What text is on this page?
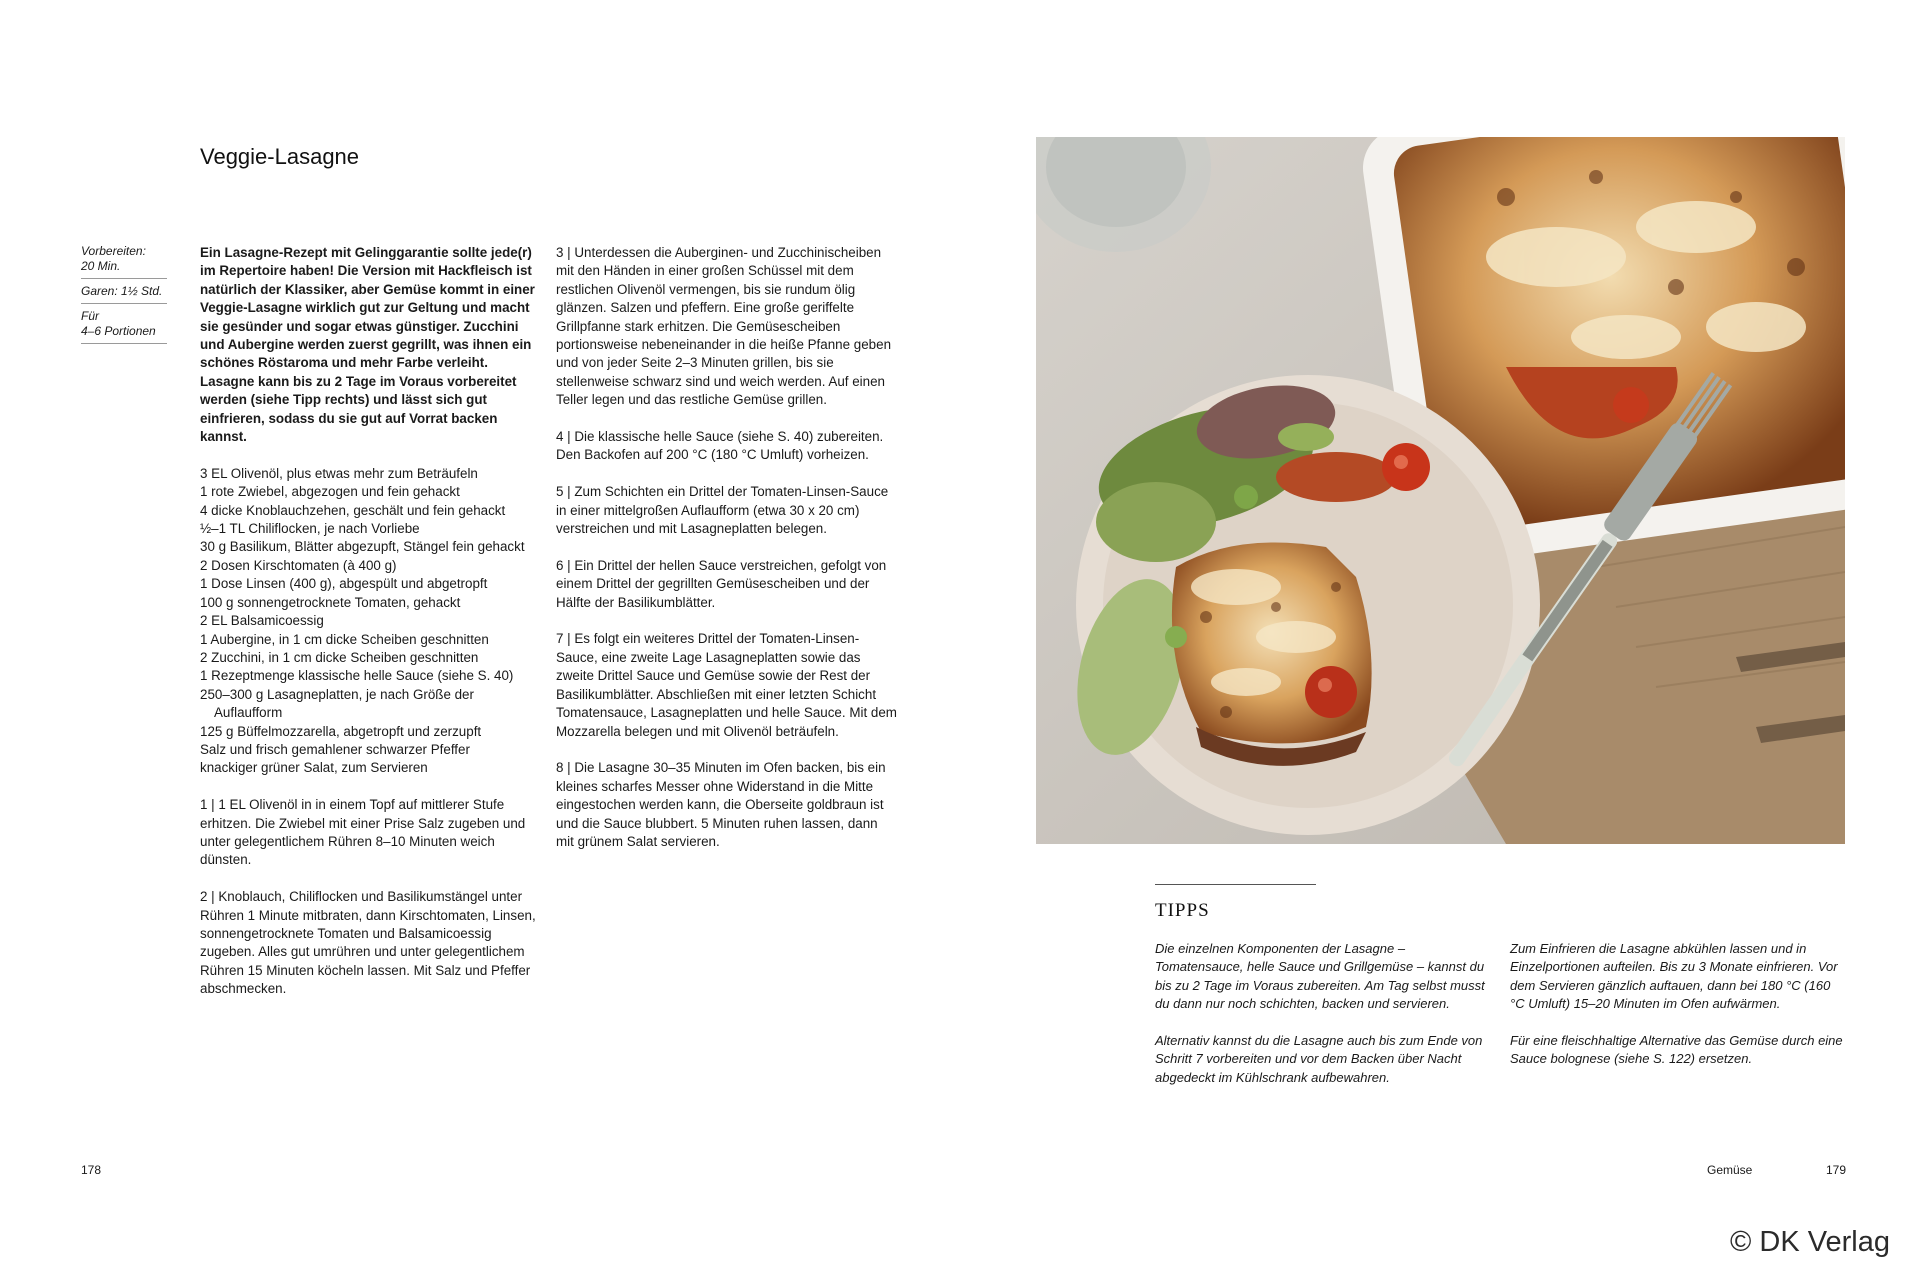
Veggie-Lasagne
Vorbereiten:
20 Min.
Garen: 1½ Std.
Für
4–6 Portionen

Ein Lasagne-Rezept mit Gelinggarantie sollte jede(r) im Repertoire haben! Die Version mit Hackfleisch ist natürlich der Klassiker, aber Gemüse kommt in einer Veggie-Lasagne wirklich gut zur Geltung und macht sie gesünder und sogar etwas günstiger. Zucchini und Aubergine werden zuerst gegrillt, was ihnen ein schönes Röstaroma und mehr Farbe verleiht. Lasagne kann bis zu 2 Tage im Voraus vorbereitet werden (siehe Tipp rechts) und lässt sich gut einfrieren, sodass du sie gut auf Vorrat backen kannst.

3 EL Olivenöl, plus etwas mehr zum Beträufeln
1 rote Zwiebel, abgezogen und fein gehackt
4 dicke Knoblauchzehen, geschält und fein gehackt
½–1 TL Chiliflocken, je nach Vorliebe
30 g Basilikum, Blätter abgezupft, Stängel fein gehackt
2 Dosen Kirschtomaten (à 400 g)
1 Dose Linsen (400 g), abgespült und abgetropft
100 g sonnengetrocknete Tomaten, gehackt
2 EL Balsamicoessig
1 Aubergine, in 1 cm dicke Scheiben geschnitten
2 Zucchini, in 1 cm dicke Scheiben geschnitten
1 Rezeptmenge klassische helle Sauce (siehe S. 40)
250–300 g Lasagneplatten, je nach Größe der Auflaufform
125 g Büffelmozzarella, abgetropft und zerzupft
Salz und frisch gemahlener schwarzer Pfeffer
knackiger grüner Salat, zum Servieren

1 | 1 EL Olivenöl in in einem Topf auf mittlerer Stufe erhitzen. Die Zwiebel mit einer Prise Salz zugeben und unter gelegentlichem Rühren 8–10 Minuten weich dünsten.

2 | Knoblauch, Chiliflocken und Basilikumstängel unter Rühren 1 Minute mitbraten, dann Kirschtomaten, Linsen, sonnengetrocknete Tomaten und Balsamicoessig zugeben. Alles gut umrühren und unter gelegentlichem Rühren 15 Minuten köcheln lassen. Mit Salz und Pfeffer abschmecken.

3 | Unterdessen die Auberginen- und Zucchinischeiben mit den Händen in einer großen Schüssel mit dem restlichen Olivenöl vermengen, bis sie rundum ölig glänzen. Salzen und pfeffern. Eine große geriffelte Grillpfanne stark erhitzen. Die Gemüsescheiben portionsweise nebeneinander in die heiße Pfanne geben und von jeder Seite 2–3 Minuten grillen, bis sie stellenweise schwarz sind und weich werden. Auf einen Teller legen und das restliche Gemüse grillen.

4 | Die klassische helle Sauce (siehe S. 40) zubereiten. Den Backofen auf 200 °C (180 °C Umluft) vorheizen.

5 | Zum Schichten ein Drittel der Tomaten-Linsen-Sauce in einer mittelgroßen Auflaufform (etwa 30 x 20 cm) verstreichen und mit Lasagneplatten belegen.

6 | Ein Drittel der hellen Sauce verstreichen, gefolgt von einem Drittel der gegrillten Gemüsescheiben und der Hälfte der Basilikumblätter.

7 | Es folgt ein weiteres Drittel der Tomaten-Linsen-Sauce, eine zweite Lage Lasagneplatten sowie das zweite Drittel Sauce und Gemüse sowie der Rest der Basilikumblätter. Abschließen mit einer letzten Schicht Tomatensauce, Lasagneplatten und helle Sauce. Mit dem Mozzarella belegen und mit Olivenöl beträufeln.

8 | Die Lasagne 30–35 Minuten im Ofen backen, bis ein kleines scharfes Messer ohne Widerstand in die Mitte eingestochen werden kann, die Oberseite goldbraun ist und die Sauce blubbert. 5 Minuten ruhen lassen, dann mit grünem Salat servieren.

TIPPS

Die einzelnen Komponenten der Lasagne – Tomatensauce, helle Sauce und Grillgemüse – kannst du bis zu 2 Tage im Voraus zubereiten. Am Tag selbst musst du dann nur noch schichten, backen und servieren.

Alternativ kannst du die Lasagne auch bis zum Ende von Schritt 7 vorbereiten und vor dem Backen über Nacht abgedeckt im Kühlschrank aufbewahren.

Zum Einfrieren die Lasagne abkühlen lassen und in Einzelportionen aufteilen. Bis zu 3 Monate einfrieren. Vor dem Servieren gänzlich auftauen, dann bei 180 °C (160 °C Umluft) 15–20 Minuten im Ofen aufwärmen.

Für eine fleischhaltige Alternative das Gemüse durch eine Sauce bolognese (siehe S. 122) ersetzen.

178	Gemüse	179
© DK Verlag
